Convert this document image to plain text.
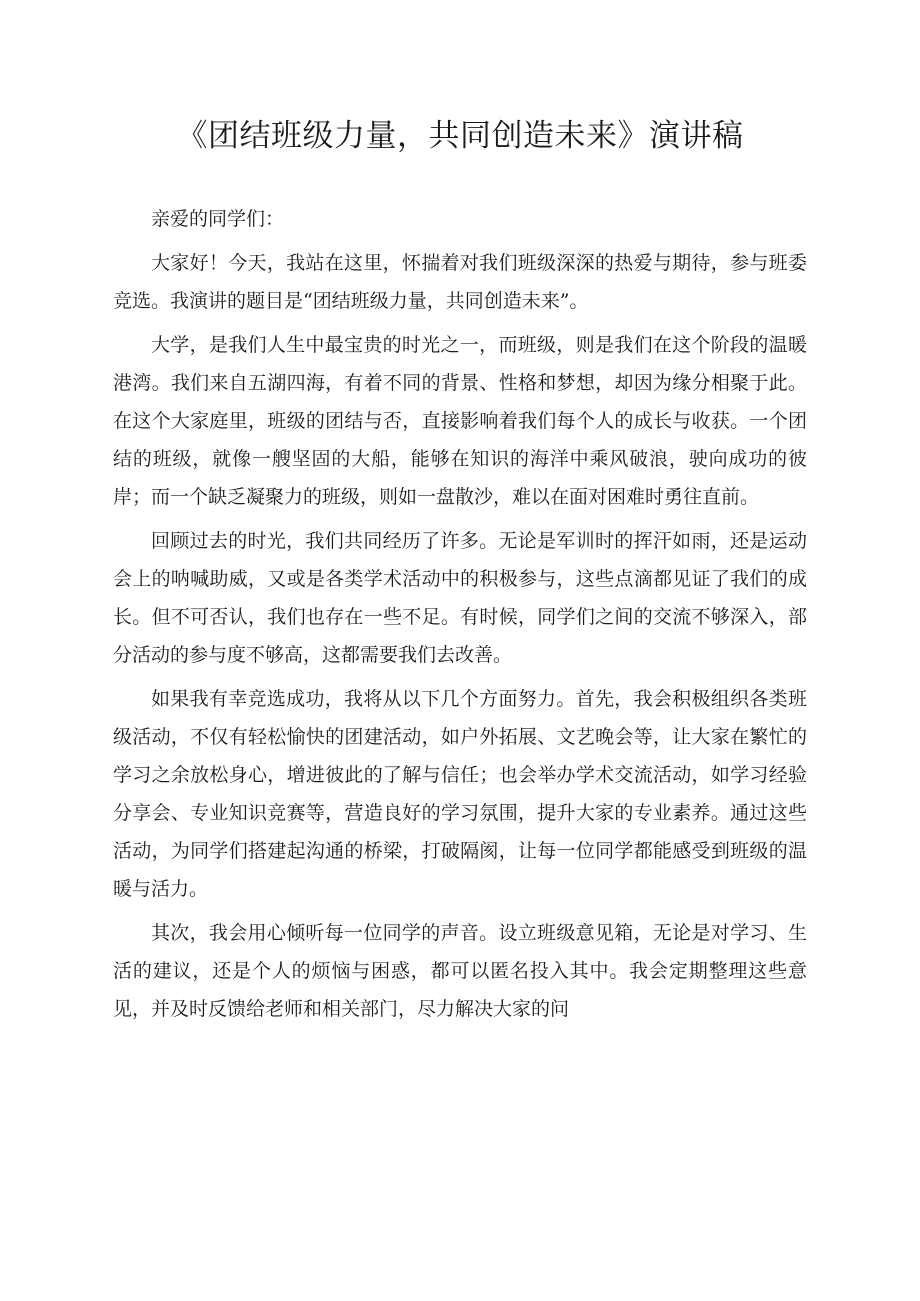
《团结班级力量，共同创造未来》演讲稿

亲爱的同学们：

大家好！今天，我站在这里，怀揣着对我们班级深深的热爱与期待，参与班委竞选。我演讲的题目是“团结班级力量，共同创造未来”。

大学，是我们人生中最宝贵的时光之一，而班级，则是我们在这个阶段的温暖港湾。我们来自五湖四海，有着不同的背景、性格和梦想，却因为缘分相聚于此。在这个大家庭里，班级的团结与否，直接影响着我们每个人的成长与收获。一个团结的班级，就像一艘坚固的大船，能够在知识的海洋中乘风破浪，驶向成功的彼岸；而一个缺乏凝聚力的班级，则如一盘散沙，难以在面对困难时勇往直前。

回顾过去的时光，我们共同经历了许多。无论是军训时的挥汗如雨，还是运动会上的呐喊助威，又或是各类学术活动中的积极参与，这些点滴都见证了我们的成长。但不可否认，我们也存在一些不足。有时候，同学们之间的交流不够深入，部分活动的参与度不够高，这都需要我们去改善。

如果我有幸竞选成功，我将从以下几个方面努力。首先，我会积极组织各类班级活动，不仅有轻松愉快的团建活动，如户外拓展、文艺晚会等，让大家在繁忙的学习之余放松身心，增进彼此的了解与信任；也会举办学术交流活动，如学习经验分享会、专业知识竞赛等，营造良好的学习氛围，提升大家的专业素养。通过这些活动，为同学们搭建起沟通的桥梁，打破隔阂，让每一位同学都能感受到班级的温暖与活力。

其次，我会用心倾听每一位同学的声音。设立班级意见箱，无论是对学习、生活的建议，还是个人的烦恼与困惑，都可以匿名投入其中。我会定期整理这些意见，并及时反馈给老师和相关部门，尽力解决大家的问
